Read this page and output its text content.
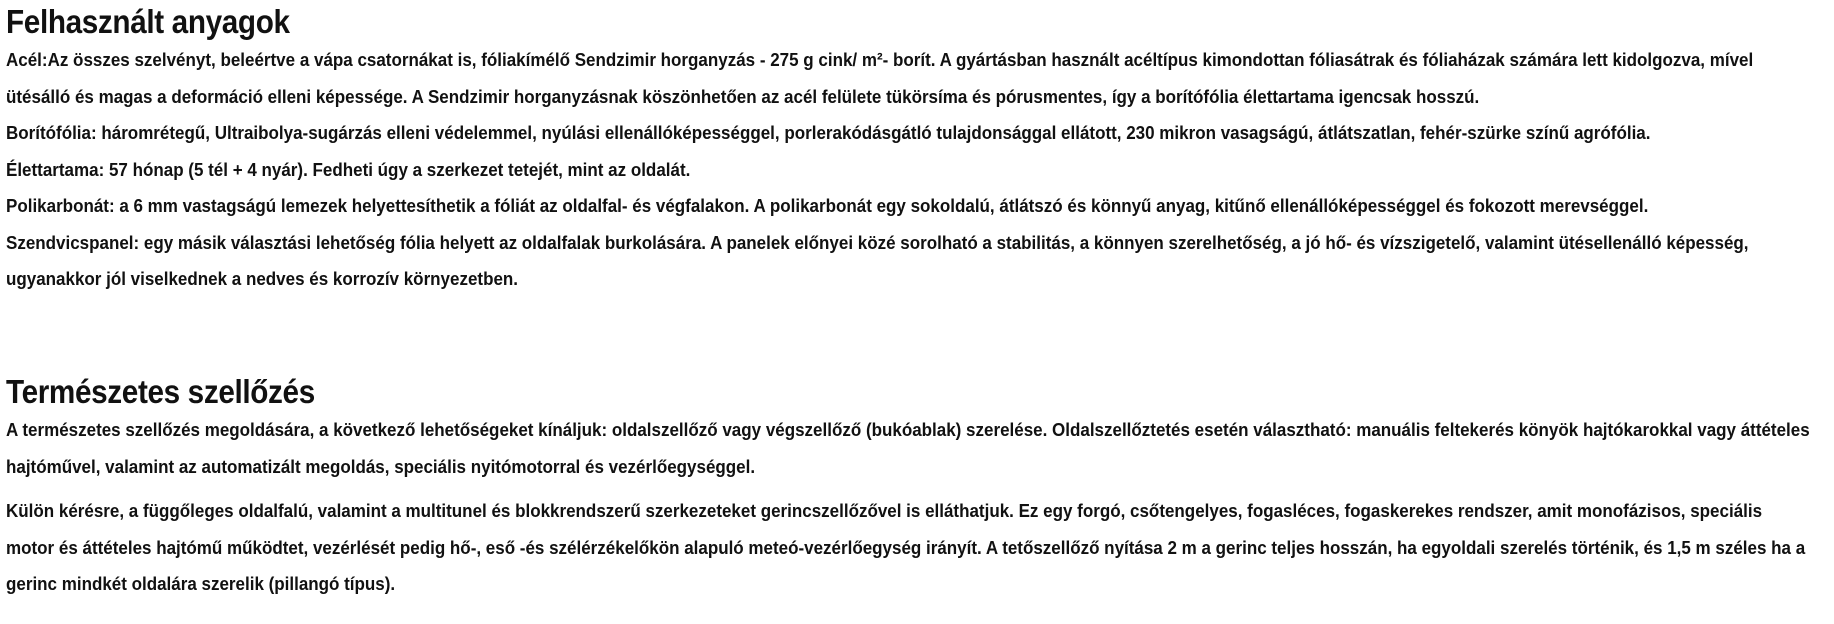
Felhasznált anyagok

Acél:Az összes szelvényt, beleértve a vápa csatornákat is, fóliakímélő Sendzimir horganyzás - 275 g cink/ m²- borít. A gyártásban használt acéltípus kimondottan fóliasátrak és fóliaházak számára lett kidolgozva, mível ütésálló és magas a deformáció elleni képessége. A Sendzimir horganyzásnak köszönhetően az acél felülete tükörsíma és pórusmentes, így a borítófólia élettartama igencsak hosszú.

Borítófólia: háromrétegű, Ultraibolya-sugárzás elleni védelemmel, nyúlási ellenállóképességgel, porlerakódásgátló tulajdonsággal ellátott, 230 mikron vasagságú, átlátszatlan, fehér-szürke színű agrófólia.

Élettartama: 57 hónap (5 tél + 4 nyár). Fedheti úgy a szerkezet tetejét, mint az oldalát.

Polikarbonát: a 6 mm vastagságú lemezek helyettesíthetik a fóliát az oldalfal- és végfalakon. A polikarbonát egy sokoldalú, átlátszó és könnyű anyag, kitűnő ellenállóképességgel és fokozott merevséggel.

Szendvicspanel: egy másik választási lehetőség fólia helyett az oldalfalak burkolására. A panelek előnyei közé sorolható a stabilitás, a könnyen szerelhetőség, a jó hő- és vízszigetelő, valamint ütésellenálló képesség, ugyanakkor jól viselkednek a nedves és korrozív környezetben.

Természetes szellőzés

A természetes szellőzés megoldására, a következő lehetőségeket kínáljuk: oldalszellőző vagy végszellőző (bukóablak) szerelése. Oldalszellőztetés esetén választható: manuális feltekerés könyök hajtókarokkal vagy áttételes hajtóművel, valamint az automatizált megoldás, speciális nyitómotorral és vezérlőegységgel.

Külön kérésre, a függőleges oldalfalú, valamint a multitunel és blokkrendszerű szerkezeteket gerincszellőzővel is elláthatjuk. Ez egy forgó, csőtengelyes, fogasléces, fogaskerekes rendszer, amit monofázisos, speciális motor és áttételes hajtómű működtet, vezérlését pedig hő-, eső -és szélérzékelőkön alapuló meteó-vezérlőegység irányít. A tetőszellőző nyítása 2 m a gerinc teljes hosszán, ha egyoldali szerelés történik, és 1,5 m széles ha a gerinc mindkét oldalára szerelik (pillangó típus).
